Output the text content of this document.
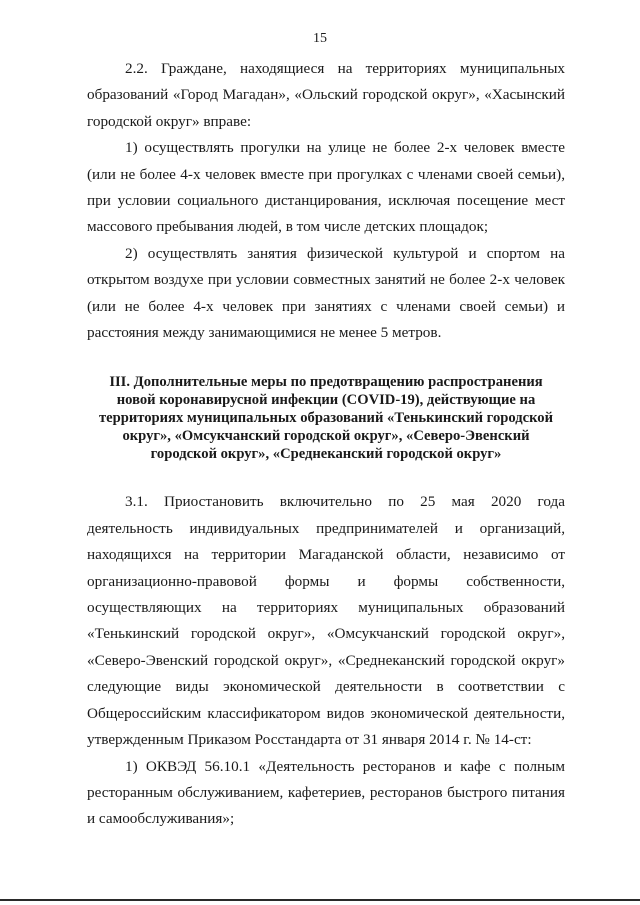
15

2.2. Граждане, находящиеся на территориях муниципальных образований «Город Магадан», «Ольский городской округ», «Хасынский городской округ» вправе:

1) осуществлять прогулки на улице не более 2-х человек вместе (или не более 4-х человек вместе при прогулках с членами своей семьи), при условии социального дистанцирования, исключая посещение мест массового пребывания людей, в том числе детских площадок;

2) осуществлять занятия физической культурой и спортом на открытом воздухе при условии совместных занятий не более 2-х человек (или не более 4-х человек при занятиях с членами своей семьи) и расстояния между занимающимися не менее 5 метров.

III. Дополнительные меры по предотвращению распространения новой коронавирусной инфекции (COVID-19), действующие на территориях муниципальных образований «Тенькинский городской округ», «Омсукчанский городской округ», «Северо-Эвенский городской округ», «Среднеканский городской округ»

3.1. Приостановить включительно по 25 мая 2020 года деятельность индивидуальных предпринимателей и организаций, находящихся на территории Магаданской области, независимо от организационно-правовой формы и формы собственности, осуществляющих на территориях муниципальных образований «Тенькинский городской округ», «Омсукчанский городской округ», «Северо-Эвенский городской округ», «Среднеканский городской округ» следующие виды экономической деятельности в соответствии с Общероссийским классификатором видов экономической деятельности, утвержденным Приказом Росстандарта от 31 января 2014 г. № 14-ст:

1) ОКВЭД 56.10.1 «Деятельность ресторанов и кафе с полным ресторанным обслуживанием, кафетериев, ресторанов быстрого питания и самообслуживания»;
